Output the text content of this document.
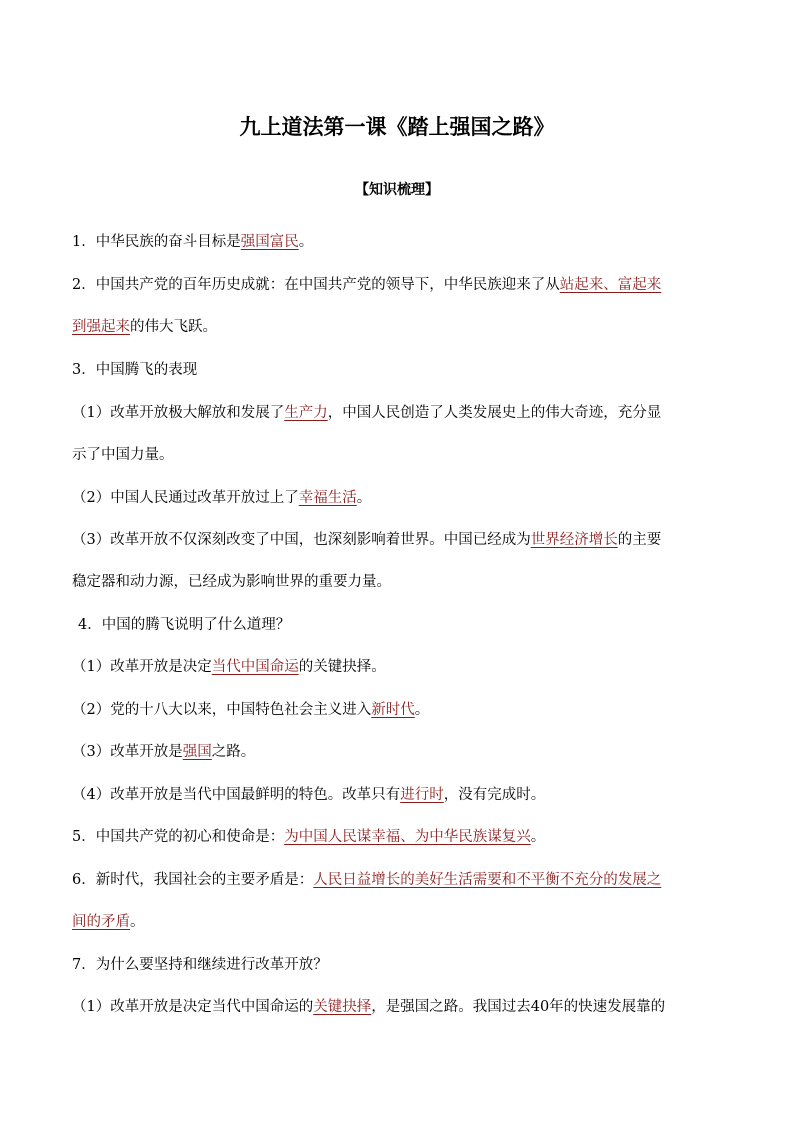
九上道法第一课《踏上强国之路》
【知识梳理】
1．中华民族的奋斗目标是强国富民。
2．中国共产党的百年历史成就：在中国共产党的领导下，中华民族迎来了从站起来、富起来
到强起来的伟大飞跃。
3．中国腾飞的表现
（1）改革开放极大解放和发展了生产力，中国人民创造了人类发展史上的伟大奇迹，充分显
示了中国力量。
（2）中国人民通过改革开放过上了幸福生活。
（3）改革开放不仅深刻改变了中国，也深刻影响着世界。中国已经成为世界经济增长的主要
稳定器和动力源，已经成为影响世界的重要力量。
4．中国的腾飞说明了什么道理？
（1）改革开放是决定当代中国命运的关键抉择。
（2）党的十八大以来，中国特色社会主义进入新时代。
（3）改革开放是强国之路。
（4）改革开放是当代中国最鲜明的特色。改革只有进行时，没有完成时。
5．中国共产党的初心和使命是：为中国人民谋幸福、为中华民族谋复兴。
6．新时代，我国社会的主要矛盾是：人民日益增长的美好生活需要和不平衡不充分的发展之
间的矛盾。
7．为什么要坚持和继续进行改革开放？
（1）改革开放是决定当代中国命运的关键抉择，是强国之路。我国过去40年的快速发展靠的
